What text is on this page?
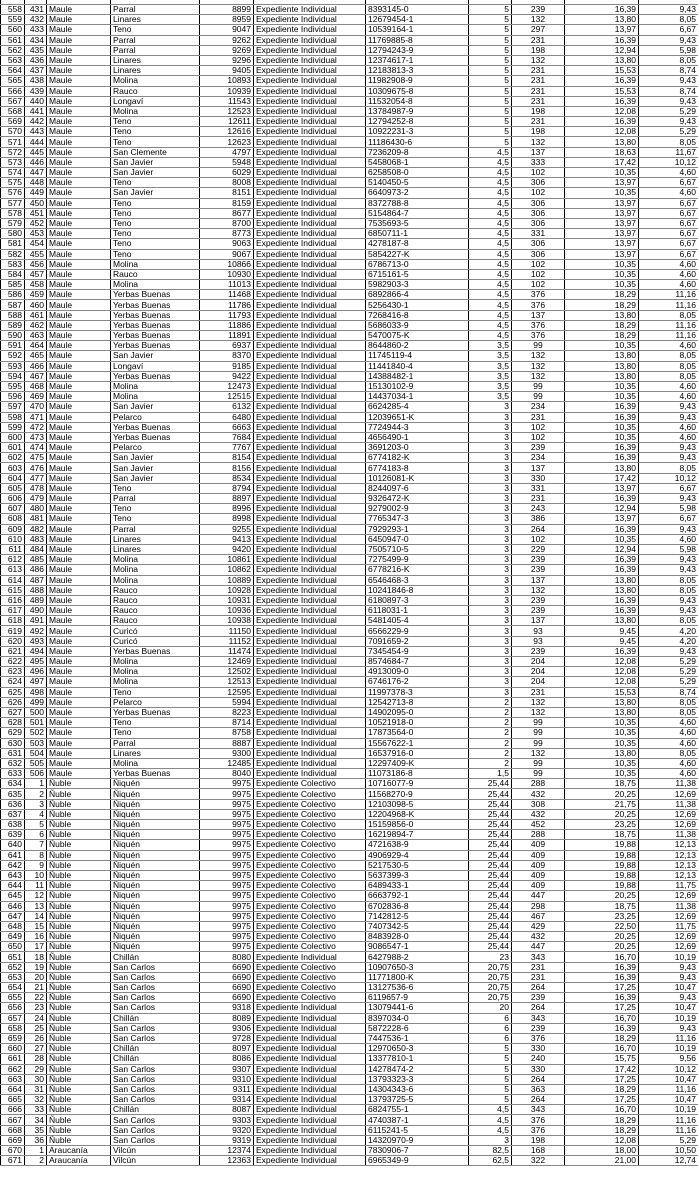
558	431	Maule	Parral	8899	Expediente Individual	8393145-0	5	239	16,39	9,43
559	432	Maule	Linares	8959	Expediente Individual	12679454-1	5	132	13,80	8,05
560	433	Maule	Teno	9047	Expediente Individual	10539164-1	5	297	13,97	6,67
561	434	Maule	Parral	9262	Expediente Individual	11769885-8	5	231	16,39	9,43
562	435	Maule	Parral	9269	Expediente Individual	12794243-9	5	198	12,94	5,98
563	436	Maule	Linares	9296	Expediente Individual	12374617-1	5	132	13,80	8,05
564	437	Maule	Linares	9405	Expediente Individual	12183813-3	5	231	15,53	8,74
565	438	Maule	Molina	10893	Expediente Individual	11982908-9	5	231	16,39	9,43
566	439	Maule	Rauco	10939	Expediente Individual	10309675-8	5	231	15,53	8,74
567	440	Maule	Longaví	11543	Expediente Individual	11532054-8	5	231	16,39	9,43
568	441	Maule	Molina	12523	Expediente Individual	13784987-9	5	198	12,08	5,29
569	442	Maule	Teno	12611	Expediente Individual	12794252-8	5	231	16,39	9,43
570	443	Maule	Teno	12616	Expediente Individual	10922231-3	5	198	12,08	5,29
571	444	Maule	Teno	12623	Expediente Individual	11186430-6	5	132	13,80	8,05
572	445	Maule	San Clemente	4797	Expediente Individual	7236209-8	4,5	137	18,63	11,67
573	446	Maule	San Javier	5948	Expediente Individual	5458068-1	4,5	333	17,42	10,12
574	447	Maule	San Javier	6029	Expediente Individual	6258508-0	4,5	102	10,35	4,60
575	448	Maule	Teno	8008	Expediente Individual	5140450-5	4,5	306	13,97	6,67
576	449	Maule	San Javier	8151	Expediente Individual	6640973-2	4,5	102	10,35	4,60
577	450	Maule	Teno	8159	Expediente Individual	8372788-8	4,5	306	13,97	6,67
578	451	Maule	Teno	8677	Expediente Individual	5154864-7	4,5	306	13,97	6,67
579	452	Maule	Teno	8700	Expediente Individual	7535693-5	4,5	306	13,97	6,67
580	453	Maule	Teno	8773	Expediente Individual	6850711-1	4,5	331	13,97	6,67
581	454	Maule	Teno	9063	Expediente Individual	4278187-8	4,5	306	13,97	6,67
582	455	Maule	Teno	9067	Expediente Individual	5854227-K	4,5	306	13,97	6,67
583	456	Maule	Molina	10866	Expediente Individual	6786713-0	4,5	102	10,35	4,60
584	457	Maule	Rauco	10930	Expediente Individual	6715161-5	4,5	102	10,35	4,60
585	458	Maule	Molina	11013	Expediente Individual	5982903-3	4,5	102	10,35	4,60
586	459	Maule	Yerbas Buenas	11468	Expediente Individual	6892866-4	4,5	376	18,29	11,16
587	460	Maule	Yerbas Buenas	11786	Expediente Individual	5256430-1	4,5	376	18,29	11,16
588	461	Maule	Yerbas Buenas	11793	Expediente Individual	7268416-8	4,5	137	13,80	8,05
589	462	Maule	Yerbas Buenas	11886	Expediente Individual	5686033-9	4,5	376	18,29	11,16
590	463	Maule	Yerbas Buenas	11891	Expediente Individual	5470075-K	4,5	376	18,29	11,16
591	464	Maule	Yerbas Buenas	6937	Expediente Individual	8644860-2	3,5	99	10,35	4,60
592	465	Maule	San Javier	8370	Expediente Individual	11745119-4	3,5	132	13,80	8,05
593	466	Maule	Longaví	9185	Expediente Individual	11441840-4	3,5	132	13,80	8,05
594	467	Maule	Yerbas Buenas	9422	Expediente Individual	14388482-1	3,5	132	13,80	8,05
595	468	Maule	Molina	12473	Expediente Individual	15130102-9	3,5	99	10,35	4,60
596	469	Maule	Molina	12515	Expediente Individual	14437034-1	3,5	99	10,35	4,60
597	470	Maule	San Javier	6132	Expediente Individual	6624285-4	3	234	16,39	9,43
598	471	Maule	Pelarco	6480	Expediente Individual	12039651-K	3	231	16,39	9,43
599	472	Maule	Yerbas Buenas	6663	Expediente Individual	7724944-3	3	102	10,35	4,60
600	473	Maule	Yerbas Buenas	7684	Expediente Individual	4656490-1	3	102	10,35	4,60
601	474	Maule	Pelarco	7767	Expediente Individual	3691203-0	3	239	16,39	9,43
602	475	Maule	San Javier	8154	Expediente Individual	6774182-K	3	234	16,39	9,43
603	476	Maule	San Javier	8156	Expediente Individual	6774183-8	3	137	13,80	8,05
604	477	Maule	San Javier	8534	Expediente Individual	10126081-K	3	330	17,42	10,12
605	478	Maule	Teno	8794	Expediente Individual	8244097-6	3	331	13,97	6,67
606	479	Maule	Parral	8897	Expediente Individual	9326472-K	3	231	16,39	9,43
607	480	Maule	Teno	8996	Expediente Individual	9279002-9	3	243	12,94	5,98
608	481	Maule	Teno	8998	Expediente Individual	7765347-3	3	386	13,97	6,67
609	482	Maule	Parral	9255	Expediente Individual	7929293-1	3	264	16,39	9,43
610	483	Maule	Linares	9413	Expediente Individual	6450947-0	3	102	10,35	4,60
611	484	Maule	Linares	9420	Expediente Individual	7505710-5	3	229	12,94	5,98
612	485	Maule	Molina	10861	Expediente Individual	7275499-9	3	239	16,39	9,43
613	486	Maule	Molina	10862	Expediente Individual	6778216-K	3	239	16,39	9,43
614	487	Maule	Molina	10889	Expediente Individual	6546468-3	3	137	13,80	8,05
615	488	Maule	Rauco	10928	Expediente Individual	10241846-8	3	132	13,80	8,05
616	489	Maule	Rauco	10931	Expediente Individual	6180897-3	3	239	16,39	9,43
617	490	Maule	Rauco	10936	Expediente Individual	6118031-1	3	239	16,39	9,43
618	491	Maule	Rauco	10938	Expediente Individual	5481405-4	3	137	13,80	8,05
619	492	Maule	Curicó	11150	Expediente Individual	6566229-9	3	93	9,45	4,20
620	493	Maule	Curicó	11152	Expediente Individual	7091659-2	3	93	9,45	4,20
621	494	Maule	Yerbas Buenas	11474	Expediente Individual	7345454-9	3	239	16,39	9,43
622	495	Maule	Molina	12469	Expediente Individual	8574684-7	3	204	12,08	5,29
623	496	Maule	Molina	12502	Expediente Individual	4913009-0	3	204	12,08	5,29
624	497	Maule	Molina	12513	Expediente Individual	6746176-2	3	204	12,08	5,29
625	498	Maule	Teno	12595	Expediente Individual	11997378-3	3	231	15,53	8,74
626	499	Maule	Pelarco	5994	Expediente Individual	12542713-8	2	132	13,80	8,05
627	500	Maule	Yerbas Buenas	8223	Expediente Individual	14902095-0	2	132	13,80	8,05
628	501	Maule	Teno	8714	Expediente Individual	10521918-0	2	99	10,35	4,60
629	502	Maule	Teno	8758	Expediente Individual	17873564-0	2	99	10,35	4,60
630	503	Maule	Parral	8887	Expediente Individual	15567622-1	2	99	10,35	4,60
631	504	Maule	Linares	9300	Expediente Individual	16537916-0	2	132	13,80	8,05
632	505	Maule	Molina	12485	Expediente Individual	12297409-K	2	99	10,35	4,60
633	506	Maule	Yerbas Buenas	8040	Expediente Individual	11073186-8	1,5	99	10,35	4,60
634	1	Ñuble	Ñiquén	9975	Expediente Colectivo	10716077-9	25,44	288	18,75	11,38
635	2	Ñuble	Ñiquén	9975	Expediente Colectivo	11568270-9	25,44	432	20,25	12,69
636	3	Ñuble	Ñiquén	9975	Expediente Colectivo	12103098-5	25,44	308	21,75	11,38
637	4	Ñuble	Ñiquén	9975	Expediente Colectivo	12204968-K	25,44	432	20,25	12,69
638	5	Ñuble	Ñiquén	9975	Expediente Colectivo	15159856-0	25,44	452	23,25	12,69
639	6	Ñuble	Ñiquén	9975	Expediente Colectivo	16219894-7	25,44	288	18,75	11,38
640	7	Ñuble	Ñiquén	9975	Expediente Colectivo	4721638-9	25,44	409	19,88	12,13
641	8	Ñuble	Ñiquén	9975	Expediente Colectivo	4906929-4	25,44	409	19,88	12,13
642	9	Ñuble	Ñiquén	9975	Expediente Colectivo	5217530-5	25,44	409	19,88	12,13
643	10	Ñuble	Ñiquén	9975	Expediente Colectivo	5637399-3	25,44	409	19,88	12,13
644	11	Ñuble	Ñiquén	9975	Expediente Colectivo	6489433-1	25,44	409	19,88	11,75
645	12	Ñuble	Ñiquén	9975	Expediente Colectivo	6663792-1	25,44	447	20,25	12,69
646	13	Ñuble	Ñiquén	9975	Expediente Colectivo	6702836-8	25,44	298	18,75	11,38
647	14	Ñuble	Ñiquén	9975	Expediente Colectivo	7142812-5	25,44	467	23,25	12,69
648	15	Ñuble	Ñiquén	9975	Expediente Colectivo	7407342-5	25,44	429	22,50	11,75
649	16	Ñuble	Ñiquén	9975	Expediente Colectivo	8483928-0	25,44	432	20,25	12,69
650	17	Ñuble	Ñiquén	9975	Expediente Colectivo	9086547-1	25,44	447	20,25	12,69
651	18	Ñuble	Chillán	8080	Expediente Individual	6427988-2	23	343	16,70	10,19
652	19	Ñuble	San Carlos	6690	Expediente Colectivo	10907650-3	20,75	231	16,39	9,43
653	20	Ñuble	San Carlos	6690	Expediente Colectivo	11771800-K	20,75	231	16,39	9,43
654	21	Ñuble	San Carlos	6690	Expediente Colectivo	13127536-6	20,75	264	17,25	10,47
655	22	Ñuble	San Carlos	6690	Expediente Colectivo	6119657-9	20,75	239	16,39	9,43
656	23	Ñuble	San Carlos	9318	Expediente Individual	13079441-6	20	264	17,25	10,47
657	24	Ñuble	Chillán	8089	Expediente Individual	8397034-0	6	343	16,70	10,19
658	25	Ñuble	San Carlos	9306	Expediente Individual	5872228-6	6	239	16,39	9,43
659	26	Ñuble	San Carlos	9728	Expediente Individual	7447536-1	6	376	18,29	11,16
660	27	Ñuble	Chillán	8097	Expediente Individual	12970650-3	5	330	16,70	10,19
661	28	Ñuble	Chillán	8086	Expediente Individual	13377810-1	5	240	15,75	9,56
662	29	Ñuble	San Carlos	9307	Expediente Individual	14278474-2	5	330	17,42	10,12
663	30	Ñuble	San Carlos	9310	Expediente Individual	13793323-3	5	264	17,25	10,47
664	31	Ñuble	San Carlos	9311	Expediente Individual	14304343-6	5	363	18,29	11,16
665	32	Ñuble	San Carlos	9314	Expediente Individual	13793725-5	5	264	17,25	10,47
666	33	Ñuble	Chillán	8087	Expediente Individual	6824755-1	4,5	343	16,70	10,19
667	34	Ñuble	San Carlos	9303	Expediente Individual	4740387-1	4,5	376	18,29	11,16
668	35	Ñuble	San Carlos	9320	Expediente Individual	6115241-5	4,5	376	18,29	11,16
669	36	Ñuble	San Carlos	9319	Expediente Individual	14320970-9	3	198	12,08	5,29
670	1	Araucanía	Vilcún	12374	Expediente Individual	7830906-7	82,5	168	18,00	10,50
671	2	Araucanía	Vilcún	12363	Expediente Individual	6965349-9	62,5	322	21,00	12,74
